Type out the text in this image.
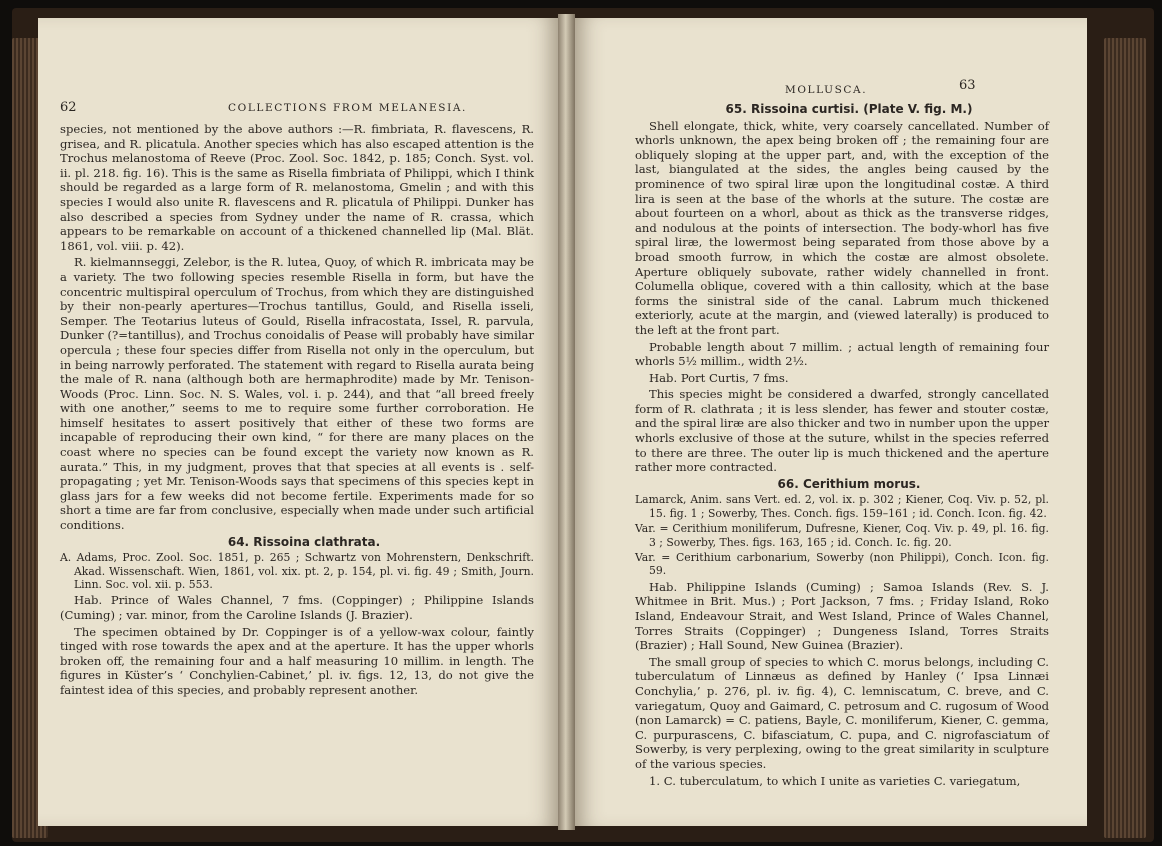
62	COLLECTIONS FROM MELANESIA.

species, not mentioned by the above authors :—R. fimbriata, R. flavescens, R. grisea, and R. plicatula. Another species which has also escaped attention is the Trochus melanostoma of Reeve (Proc. Zool. Soc. 1842, p. 185; Conch. Syst. vol. ii. pl. 218. fig. 16). This is the same as Risella fimbriata of Philippi, which I think should be regarded as a large form of R. melanostoma, Gmelin ; and with this species I would also unite R. flavescens and R. plicatula of Philippi. Dunker has also described a species from Sydney under the name of R. crassa, which appears to be remarkable on account of a thickened channelled lip (Mal. Blät. 1861, vol. viii. p. 42).

R. kielmannseggi, Zelebor, is the R. lutea, Quoy, of which R. imbricata may be a variety. The two following species resemble Risella in form, but have the concentric multispiral operculum of Trochus, from which they are distinguished by their non-pearly apertures—Trochus tantillus, Gould, and Risella isseli, Semper. The Teotarius luteus of Gould, Risella infracostata, Issel, R. parvula, Dunker (?=tantillus), and Trochus conoidalis of Pease will probably have similar opercula ; these four species differ from Risella not only in the operculum, but in being narrowly perforated. The statement with regard to Risella aurata being the male of R. nana (although both are hermaphrodite) made by Mr. Tenison-Woods (Proc. Linn. Soc. N. S. Wales, vol. i. p. 244), and that “all breed freely with one another,” seems to me to require some further corroboration. He himself hesitates to assert positively that either of these two forms are incapable of reproducing their own kind, “ for there are many places on the coast where no species can be found except the variety now known as R. aurata.” This, in my judgment, proves that that species at all events is . self-propagating ; yet Mr. Tenison-Woods says that specimens of this species kept in glass jars for a few weeks did not become fertile. Experiments made for so short a time are far from conclusive, especially when made under such artificial conditions.

64. Rissoina clathrata.

A. Adams, Proc. Zool. Soc. 1851, p. 265 ; Schwartz von Mohrenstern, Denkschrift. Akad. Wissenschaft. Wien, 1861, vol. xix. pt. 2, p. 154, pl. vi. fig. 49 ; Smith, Journ. Linn. Soc. vol. xii. p. 553.

Hab. Prince of Wales Channel, 7 fms. (Coppinger) ; Philippine Islands (Cuming) ; var. minor, from the Caroline Islands (J. Brazier).

The specimen obtained by Dr. Coppinger is of a yellow-wax colour, faintly tinged with rose towards the apex and at the aperture. It has the upper whorls broken off, the remaining four and a half measuring 10 millim. in length. The figures in Küster’s ‘ Conchylien-Cabinet,’ pl. iv. figs. 12, 13, do not give the faintest idea of this species, and probably represent another.

MOLLUSCA.	63

65. Rissoina curtisi. (Plate V. fig. M.)

Shell elongate, thick, white, very coarsely cancellated. Number of whorls unknown, the apex being broken off ; the remaining four are obliquely sloping at the upper part, and, with the exception of the last, biangulated at the sides, the angles being caused by the prominence of two spiral liræ upon the longitudinal costæ. A third lira is seen at the base of the whorls at the suture. The costæ are about fourteen on a whorl, about as thick as the transverse ridges, and nodulous at the points of intersection. The body-whorl has five spiral liræ, the lowermost being separated from those above by a broad smooth furrow, in which the costæ are almost obsolete. Aperture obliquely subovate, rather widely channelled in front. Columella oblique, covered with a thin callosity, which at the base forms the sinistral side of the canal. Labrum much thickened exteriorly, acute at the margin, and (viewed laterally) is produced to the left at the front part.

Probable length about 7 millim. ; actual length of remaining four whorls 5½ millim., width 2½.

Hab. Port Curtis, 7 fms.

This species might be considered a dwarfed, strongly cancellated form of R. clathrata ; it is less slender, has fewer and stouter costæ, and the spiral liræ are also thicker and two in number upon the upper whorls exclusive of those at the suture, whilst in the species referred to there are three. The outer lip is much thickened and the aperture rather more contracted.

66. Cerithium morus.

Lamarck, Anim. sans Vert. ed. 2, vol. ix. p. 302 ; Kiener, Coq. Viv. p. 52, pl. 15. fig. 1 ; Sowerby, Thes. Conch. figs. 159–161 ; id. Conch. Icon. fig. 42.

Var. = Cerithium moniliferum, Dufresne, Kiener, Coq. Viv. p. 49, pl. 16. fig. 3 ; Sowerby, Thes. figs. 163, 165 ; id. Conch. Ic. fig. 20.

Var. = Cerithium carbonarium, Sowerby (non Philippi), Conch. Icon. fig. 59.

Hab. Philippine Islands (Cuming) ; Samoa Islands (Rev. S. J. Whitmee in Brit. Mus.) ; Port Jackson, 7 fms. ; Friday Island, Roko Island, Endeavour Strait, and West Island, Prince of Wales Channel, Torres Straits (Coppinger) ; Dungeness Island, Torres Straits (Brazier) ; Hall Sound, New Guinea (Brazier).

The small group of species to which C. morus belongs, including C. tuberculatum of Linnæus as defined by Hanley (‘ Ipsa Linnæi Conchylia,’ p. 276, pl. iv. fig. 4), C. lemniscatum, C. breve, and C. variegatum, Quoy and Gaimard, C. petrosum and C. rugosum of Wood (non Lamarck) = C. patiens, Bayle, C. moniliferum, Kiener, C. gemma, C. purpurascens, C. bifasciatum, C. pupa, and C. nigrofasciatum of Sowerby, is very perplexing, owing to the great similarity in sculpture of the various species.

1. C. tuberculatum, to which I unite as varieties C. variegatum,
